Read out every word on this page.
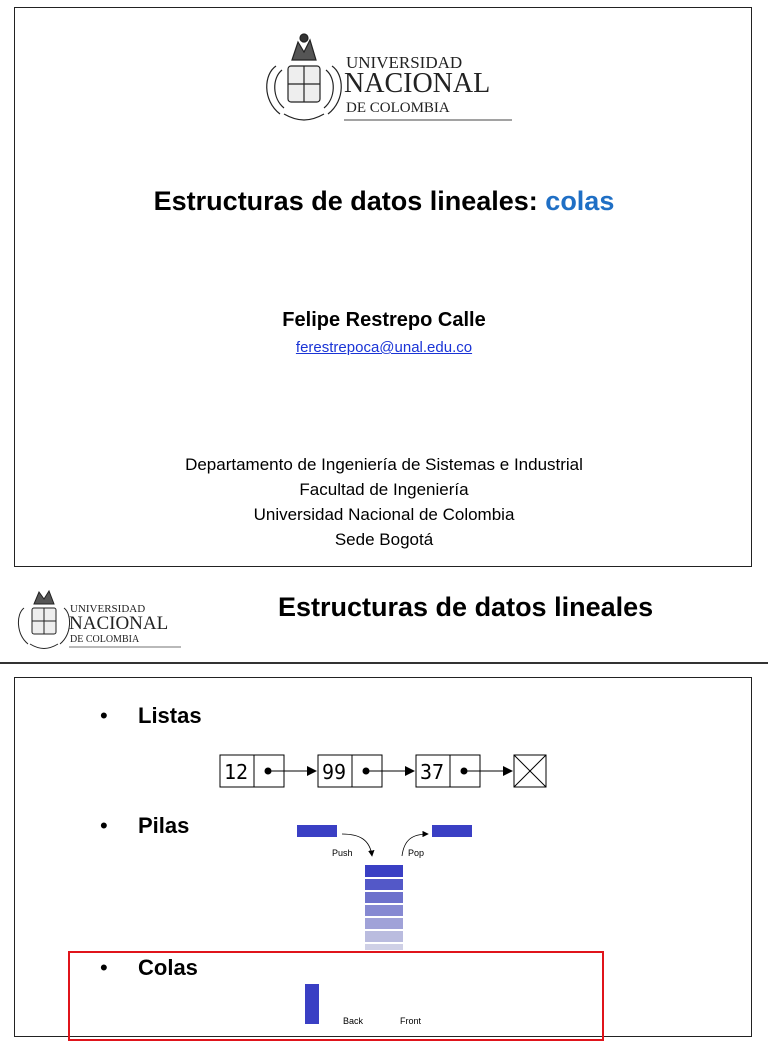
UNIVERSIDAD
NACIONAL
DE COLOMBIA
Estructuras de datos lineales: colas
Felipe Restrepo Calle
ferestrepoca@unal.edu.co
Departamento de Ingeniería de Sistemas e Industrial
Facultad de Ingeniería
Universidad Nacional de Colombia
Sede Bogotá
UNIVERSIDAD
NACIONAL
DE COLOMBIA
Estructuras de datos lineales
• Listas
12	99	37
• Pilas
Push	Pop
• Colas
Back	Front
